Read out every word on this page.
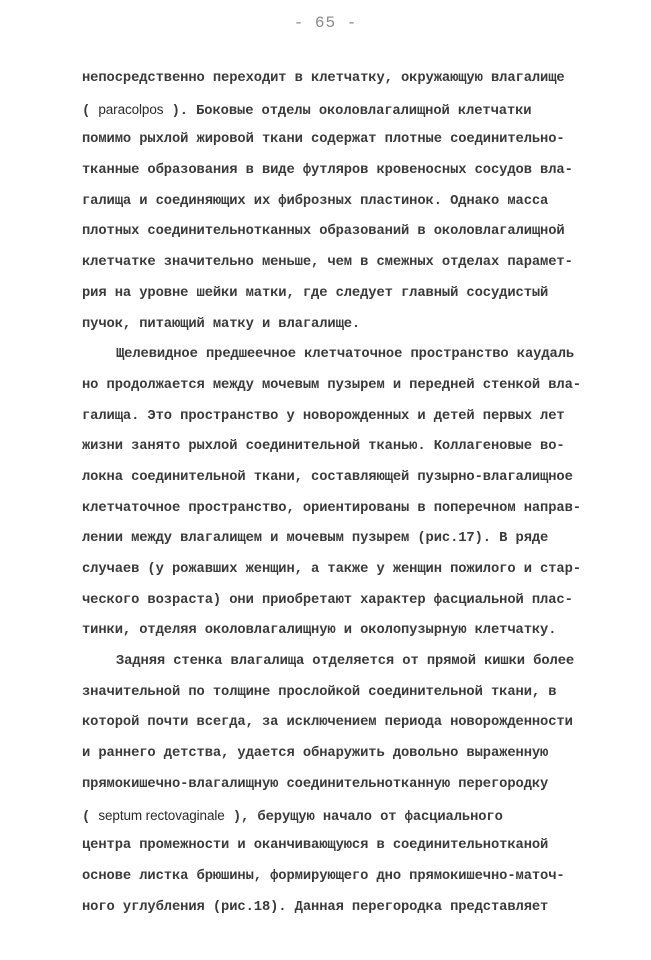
- 65 -
непосредственно переходит в клетчатку, окружающую влагалище
( paracolpos ). Боковые отделы околовлагалищной клетчатки
помимо рыхлой жировой ткани содержат плотные соединительно-
тканные образования в виде футляров кровеносных сосудов вла-
галища и соединяющих их фиброзных пластинок. Однако масса
плотных соединительнотканных образований в околовлагалищной
клетчатке значительно меньше, чем в смежных отделах парамет-
рия на уровне шейки матки, где следует главный сосудистый
пучок, питающий матку и влагалище.
Щелевидное предшеечное клетчаточное пространство каудаль
но продолжается между мочевым пузырем и передней стенкой вла-
галища. Это пространство у новорожденных и детей первых лет
жизни занято рыхлой соединительной тканью. Коллагеновые во-
локна соединительной ткани, составляющей пузырно-влагалищное
клетчаточное пространство, ориентированы в поперечном направ-
лении между влагалищем и мочевым пузырем (рис.17). В ряде
случаев (у рожавших женщин, а также у женщин пожилого и стар-
ческого возраста) они приобретают характер фасциальной плас-
тинки, отделяя околовлагалищную и околопузырную клетчатку.
Задняя стенка влагалища отделяется от прямой кишки более
значительной по толщине прослойкой соединительной ткани, в
которой почти всегда, за исключением периода новорожденности
и раннего детства, удается обнаружить довольно выраженную
прямокишечно-влагалищную соединительнотканную перегородку
( septum rectovaginale ), берущую начало от фасциального
центра промежности и оканчивающуюся в соединительнотканой
основе листка брюшины, формирующего дно прямокишечно-маточ-
ного углубления (рис.18). Данная перегородка представляет
